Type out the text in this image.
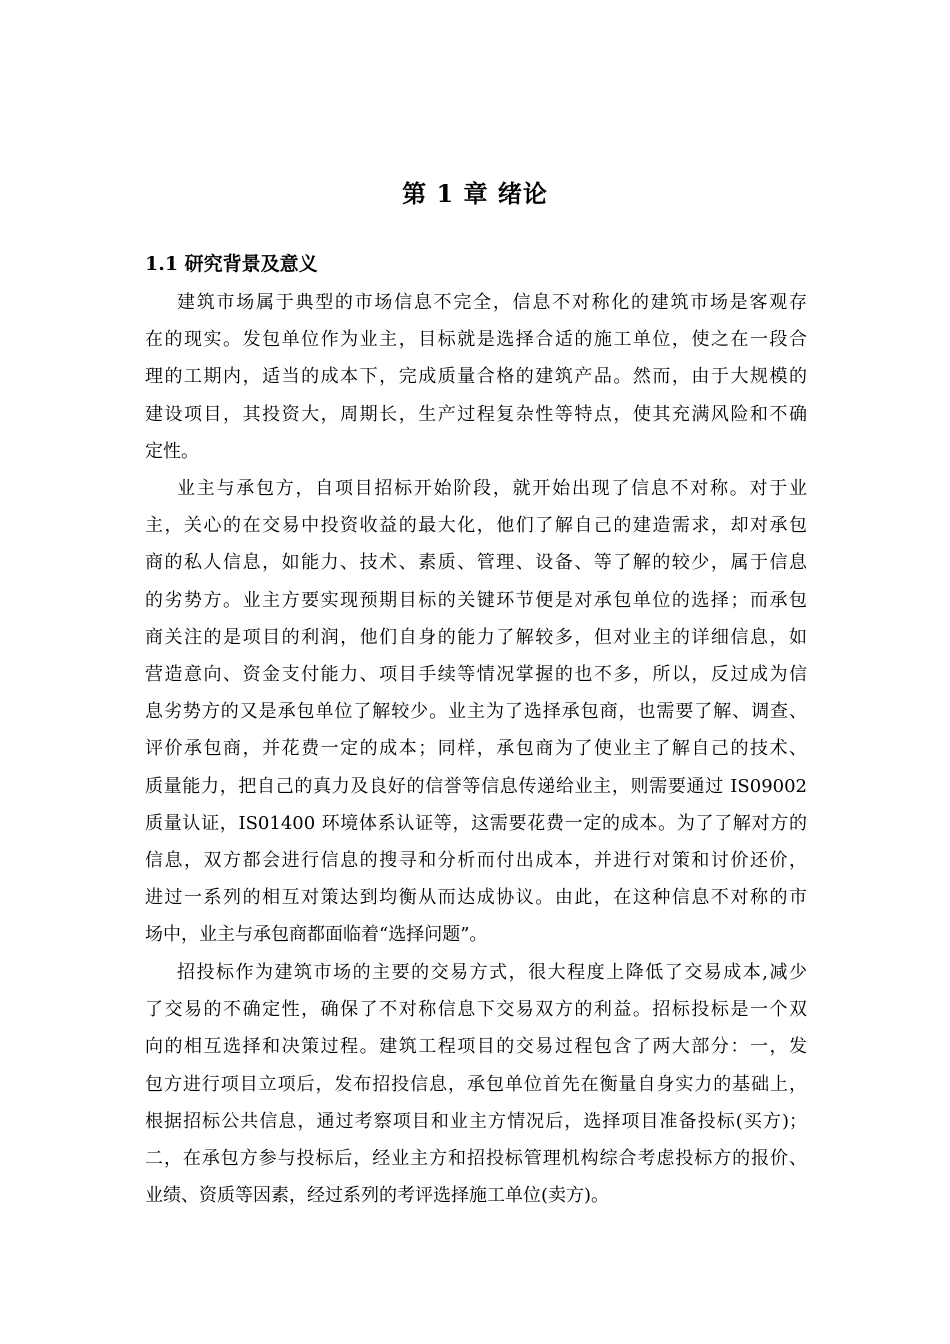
第 1 章 绪论
1.1 研究背景及意义
建筑市场属于典型的市场信息不完全，信息不对称化的建筑市场是客观存
在的现实。发包单位作为业主，目标就是选择合适的施工单位，使之在一段合
理的工期内，适当的成本下，完成质量合格的建筑产品。然而，由于大规模的
建设项目，其投资大，周期长，生产过程复杂性等特点，使其充满风险和不确
定性。
业主与承包方，自项目招标开始阶段，就开始出现了信息不对称。对于业
主，关心的在交易中投资收益的最大化，他们了解自己的建造需求，却对承包
商的私人信息，如能力、技术、素质、管理、设备、等了解的较少，属于信息
的劣势方。业主方要实现预期目标的关键环节便是对承包单位的选择；而承包
商关注的是项目的利润，他们自身的能力了解较多，但对业主的详细信息，如
营造意向、资金支付能力、项目手续等情况掌握的也不多，所以，反过成为信
息劣势方的又是承包单位了解较少。业主为了选择承包商，也需要了解、调查、
评价承包商，并花费一定的成本；同样，承包商为了使业主了解自己的技术、
质量能力，把自己的真力及良好的信誉等信息传递给业主，则需要通过 IS09002
质量认证，IS01400 环境体系认证等，这需要花费一定的成本。为了了解对方的
信息，双方都会进行信息的搜寻和分析而付出成本，并进行对策和讨价还价，
进过一系列的相互对策达到均衡从而达成协议。由此，在这种信息不对称的市
场中，业主与承包商都面临着“选择问题”。
招投标作为建筑市场的主要的交易方式，很大程度上降低了交易成本,减少
了交易的不确定性，确保了不对称信息下交易双方的利益。招标投标是一个双
向的相互选择和决策过程。建筑工程项目的交易过程包含了两大部分：一，发
包方进行项目立项后，发布招投信息，承包单位首先在衡量自身实力的基础上，
根据招标公共信息，通过考察项目和业主方情况后，选择项目准备投标(买方)；
二，在承包方参与投标后，经业主方和招投标管理机构综合考虑投标方的报价、
业绩、资质等因素，经过系列的考评选择施工单位(卖方)。
